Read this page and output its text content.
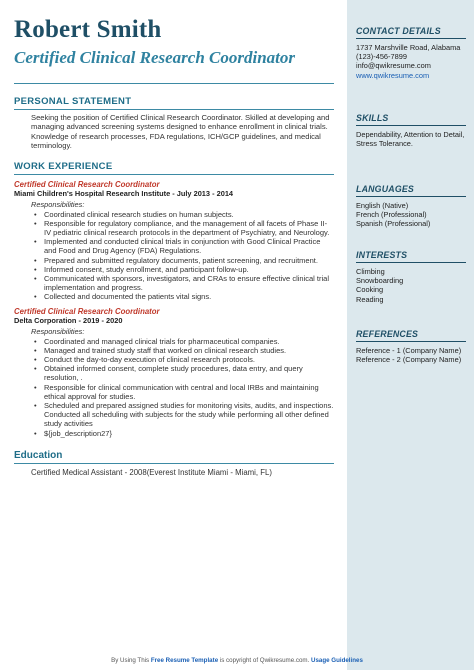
Robert Smith
Certified Clinical Research Coordinator
PERSONAL STATEMENT
Seeking the position of Certified Clinical Research Coordinator. Skilled at developing and managing advanced screening systems designed to enhance enrollment in clinical trials. Knowledge of research processes, FDA regulations, ICH/GCP guidelines, and medical terminology.
WORK EXPERIENCE
Certified Clinical Research Coordinator
Miami Children's Hospital Research Institute - July 2013 - 2014
Responsibilities:
• Coordinated clinical research studies on human subjects.
• Responsible for regulatory compliance, and the management of all facets of Phase II-IV pediatric clinical research protocols in the department of Psychiatry, and Neurology.
• Implemented and conducted clinical trials in conjunction with Good Clinical Practice and Food and Drug Agency (FDA) Regulations.
• Prepared and submitted regulatory documents, patient screening, and recruitment.
• Informed consent, study enrollment, and participant follow-up.
• Communicated with sponsors, investigators, and CRAs to ensure effective clinical trial implementation and progress.
• Collected and documented the patients vital signs.
Certified Clinical Research Coordinator
Delta Corporation - 2019 - 2020
Responsibilities:
• Coordinated and managed clinical trials for pharmaceutical companies.
• Managed and trained study staff that worked on clinical research studies.
• Conduct the day-to-day execution of clinical research protocols.
• Obtained informed consent, complete study procedures, data entry, and query resolution, .
• Responsible for clinical communication with central and local IRBs and maintaining ethical approval for studies.
• Scheduled and prepared assigned studies for monitoring visits, audits, and inspections. Conducted all scheduling with subjects for the study while performing all other defined study activities
• ${job_description27}
Education
Certified Medical Assistant - 2008(Everest Institute Miami - Miami, FL)
CONTACT DETAILS
1737 Marshville Road, Alabama
(123)-456-7899
info@qwikresume.com
www.qwikresume.com
SKILLS
Dependability, Attention to Detail, Stress Tolerance.
LANGUAGES
English (Native)
French (Professional)
Spanish (Professional)
INTERESTS
Climbing
Snowboarding
Cooking
Reading
REFERENCES
Reference - 1 (Company Name)
Reference - 2 (Company Name)
By Using This Free Resume Template is copyright of Qwikresume.com. Usage Guidelines
